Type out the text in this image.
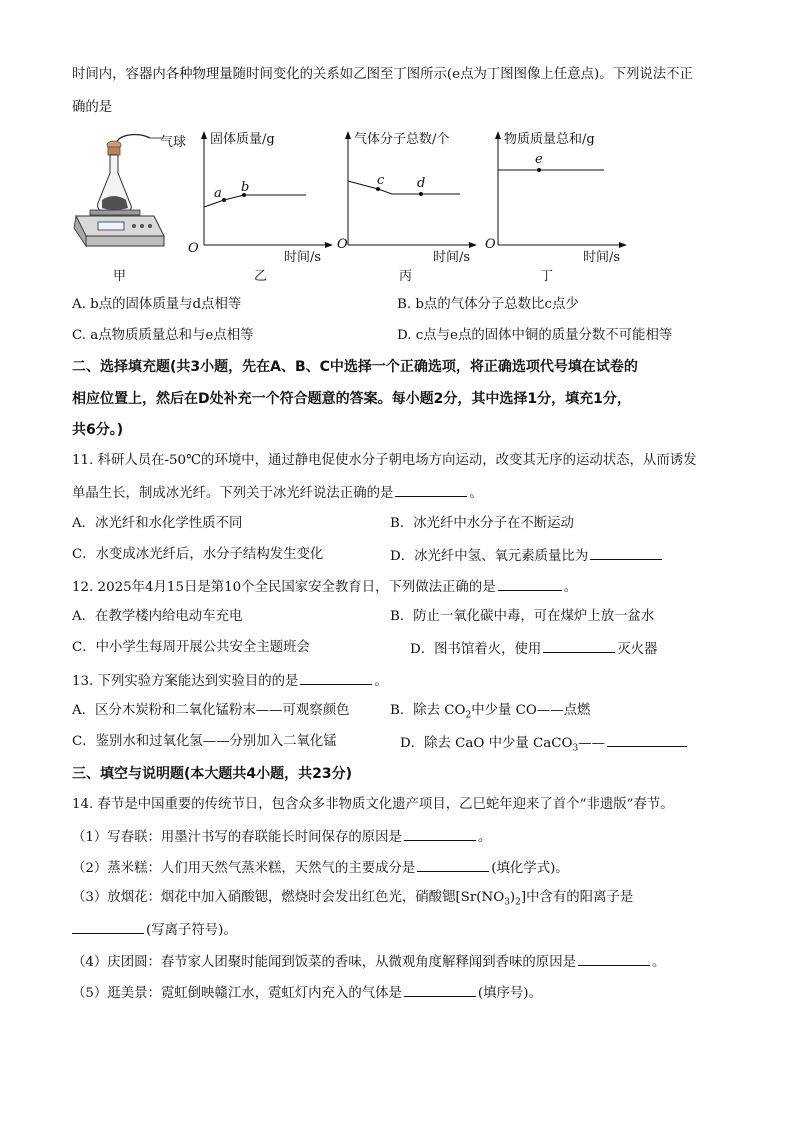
时间内，容器内各种物理量随时间变化的关系如乙图至丁图所示(e点为丁图图像上任意点)。下列说法不正
确的是
气球
甲
固体质量/g
a b
O
时间/s
乙
气体分子总数/个
c	d
O
时间/s
丙
物质质量总和/g
e
O
时间/s
丁
A. b点的固体质量与d点相等	B. b点的气体分子总数比c点少
C. a点物质质量总和与e点相等	D. c点与e点的固体中铜的质量分数不可能相等
二、选择填充题(共3小题，先在A、B、C中选择一个正确选项，将正确选项代号填在试卷的
相应位置上，然后在D处补充一个符合题意的答案。每小题2分，其中选择1分，填充1分，
共6分。)
11. 科研人员在-50℃的环境中，通过静电促使水分子朝电场方向运动，改变其无序的运动状态，从而诱发
单晶生长，制成冰光纤。下列关于冰光纤说法正确的是	。
A．冰光纤和水化学性质不同	B．冰光纤中水分子在不断运动
C．水变成冰光纤后，水分子结构发生变化	D．冰光纤中氢、氧元素质量比为
12. 2025年4月15日是第10个全民国家安全教育日，下列做法正确的是	。
A．在教学楼内给电动车充电	B．防止一氧化碳中毒，可在煤炉上放一盆水
C．中小学生每周开展公共安全主题班会	D．图书馆着火，使用	灭火器
13. 下列实验方案能达到实验目的的是	。
A．区分木炭粉和二氧化锰粉末——可观察颜色	B．除去 $CO_2$中少量 CO——点燃
C．鉴别水和过氧化氢——分别加入二氧化锰	D．除去 CaO 中少量 CaCO$_3$——
三、填空与说明题(本大题共4小题，共23分)
14. 春节是中国重要的传统节日，包含众多非物质文化遗产项目，乙巳蛇年迎来了首个“非遗版”春节。
（1）写春联：用墨汁书写的春联能长时间保存的原因是	。
（2）蒸米糕：人们用天然气蒸米糕，天然气的主要成分是	(填化学式)。
（3）放烟花：烟花中加入硝酸锶，燃烧时会发出红色光，硝酸锶$[Sr(NO_3)_2]$中含有的阳离子是
(写离子符号)。
（4）庆团圆：春节家人团聚时能闻到饭菜的香味，从微观角度解释闻到香味的原因是	。
（5）逛美景：霓虹倒映赣江水，霓虹灯内充入的气体是	(填序号)。
